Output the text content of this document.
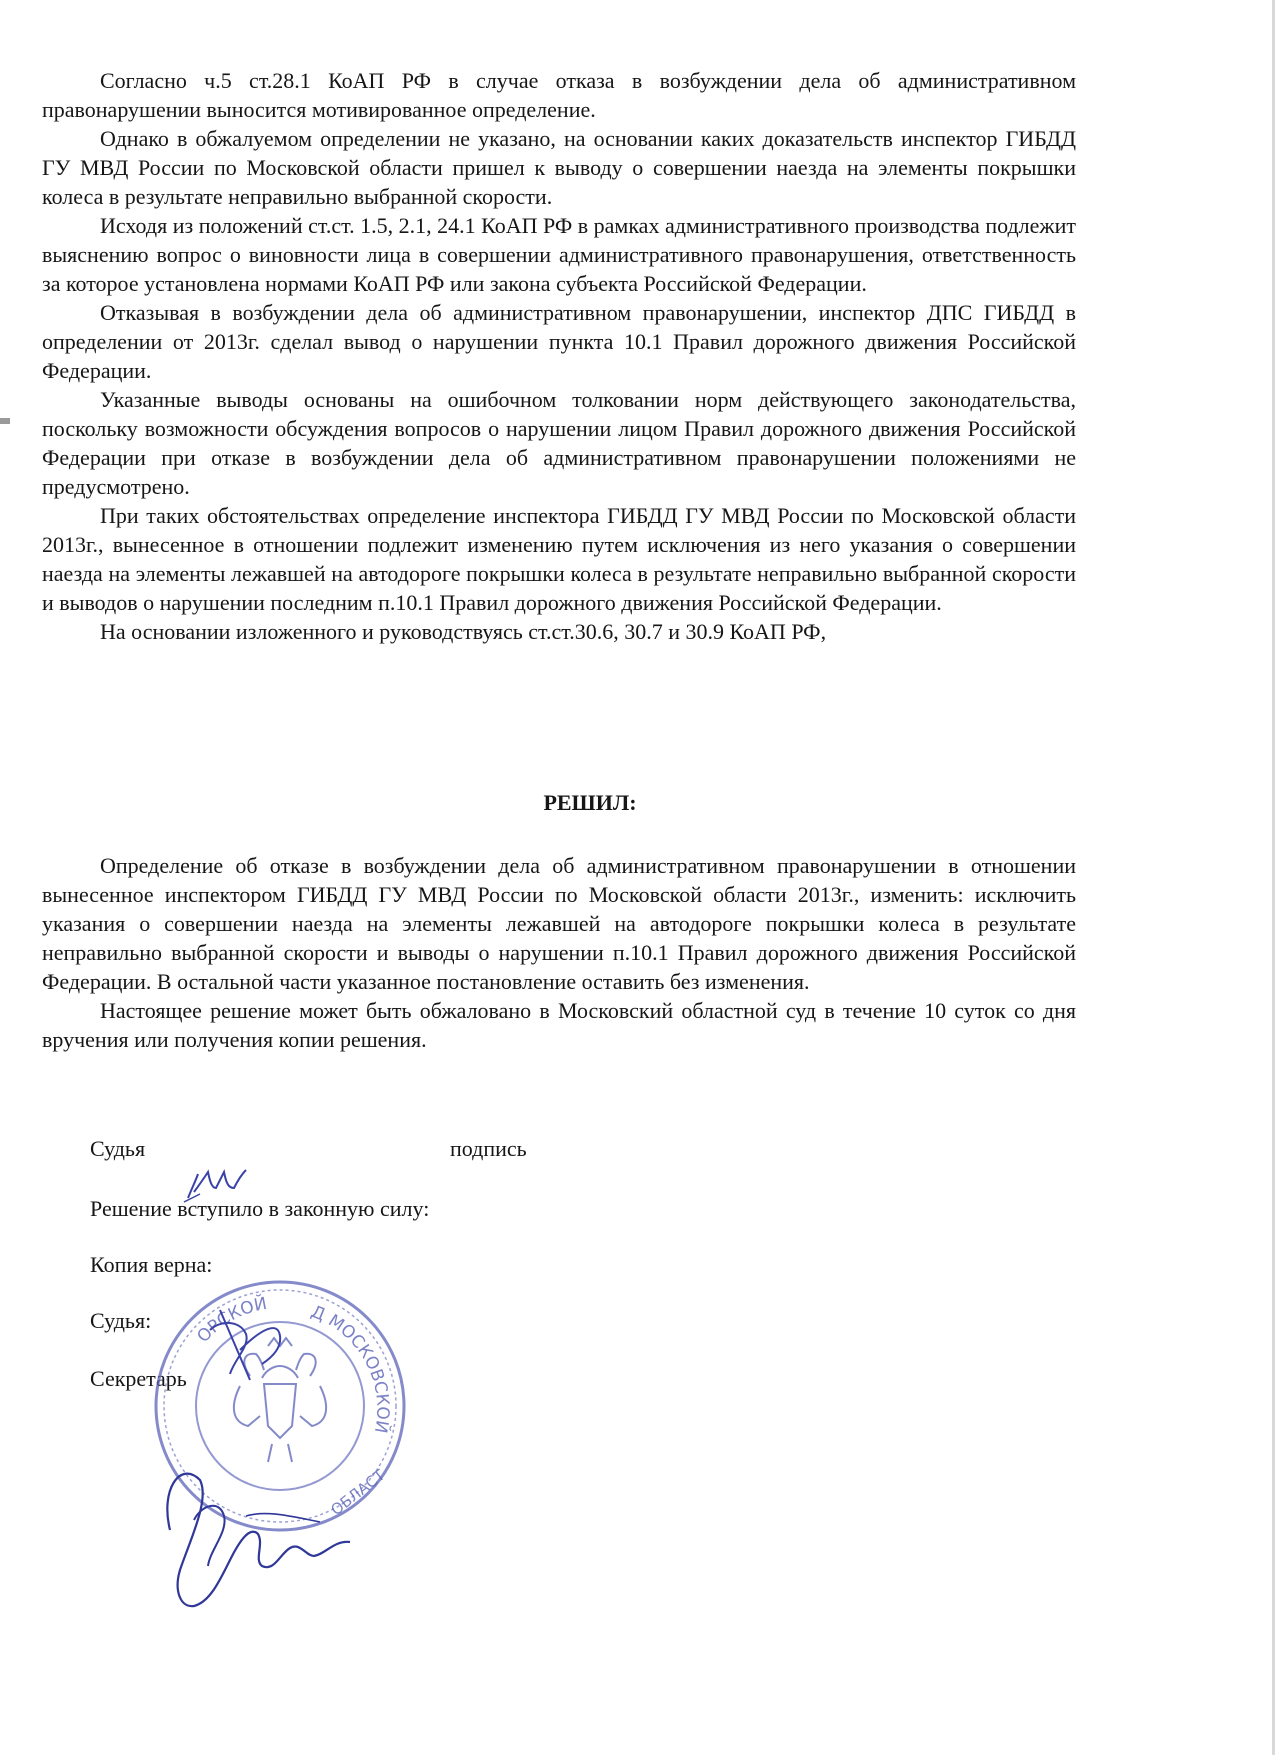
Согласно ч.5 ст.28.1 КоАП РФ в случае отказа в возбуждении дела об административном правонарушении выносится мотивированное определение.

Однако в обжалуемом определении не указано, на основании каких доказательств инспектор ГИБДД ГУ МВД России по Московской области пришел к выводу о совершении наезда на элементы покрышки колеса в результате неправильно выбранной скорости.

Исходя из положений ст.ст. 1.5, 2.1, 24.1 КоАП РФ в рамках административного производства подлежит выяснению вопрос о виновности лица в совершении административного правонарушения, ответственность за которое установлена нормами КоАП РФ или закона субъекта Российской Федерации.

Отказывая в возбуждении дела об административном правонарушении, инспектор ДПС ГИБДД в определении от 2013г. сделал вывод о нарушении пункта 10.1 Правил дорожного движения Российской Федерации.

Указанные выводы основаны на ошибочном толковании норм действующего законодательства, поскольку возможности обсуждения вопросов о нарушении лицом Правил дорожного движения Российской Федерации при отказе в возбуждении дела об административном правонарушении положениями не предусмотрено.

При таких обстоятельствах определение инспектора ГИБДД ГУ МВД России по Московской области 2013г., вынесенное в отношении подлежит изменению путем исключения из него указания о совершении наезда на элементы лежавшей на автодороге покрышки колеса в результате неправильно выбранной скорости и выводов о нарушении последним п.10.1 Правил дорожного движения Российской Федерации.

На основании изложенного и руководствуясь ст.ст.30.6, 30.7 и 30.9 КоАП РФ,

РЕШИЛ:

Определение об отказе в возбуждении дела об административном правонарушении в отношении вынесенное инспектором ГИБДД ГУ МВД России по Московской области 2013г., изменить: исключить указания о совершении наезда на элементы лежавшей на автодороге покрышки колеса в результате неправильно выбранной скорости и выводы о нарушении п.10.1 Правил дорожного движения Российской Федерации. В остальной части указанное постановление оставить без изменения.

Настоящее решение может быть обжаловано в Московский областной суд в течение 10 суток со дня вручения или получения копии решения.

Судья	подпись
Решение вступило в законную силу:
Копия верна:
Судья:
Секретарь
ОРСКОЙ Д МОСКОВСКОЙ
ОБЛАСТ
